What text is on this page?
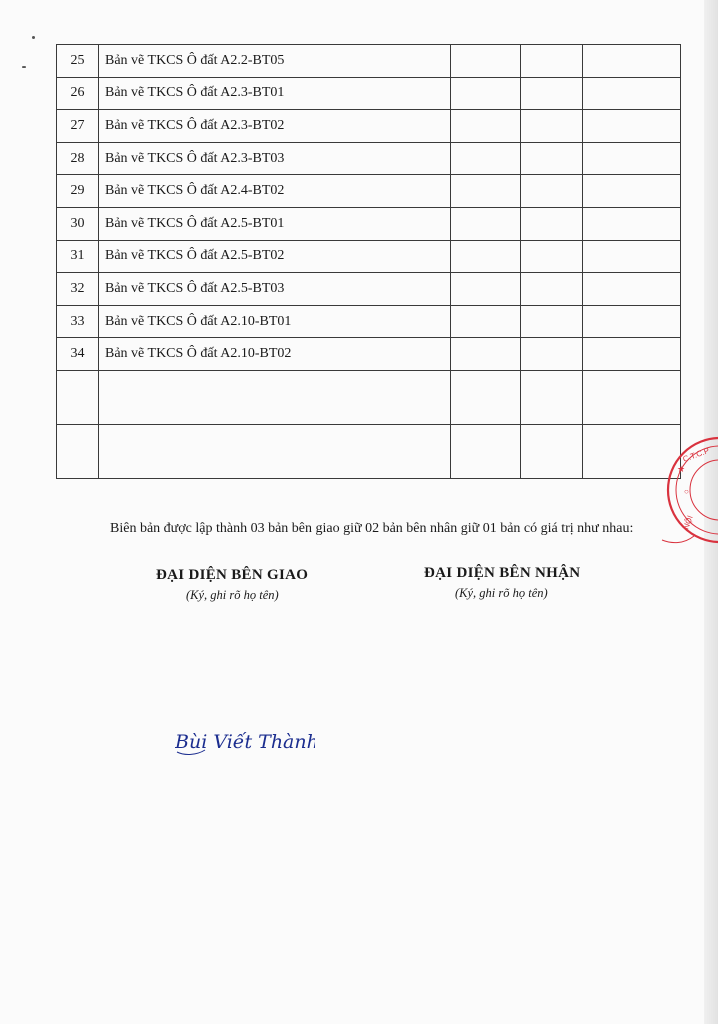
25	Bản vẽ TKCS Ô đất A2.2-BT05			
26	Bản vẽ TKCS Ô đất A2.3-BT01			
27	Bản vẽ TKCS Ô đất A2.3-BT02			
28	Bản vẽ TKCS Ô đất A2.3-BT03			
29	Bản vẽ TKCS Ô đất A2.4-BT02			
30	Bản vẽ TKCS Ô đất A2.5-BT01			
31	Bản vẽ TKCS Ô đất A2.5-BT02			
32	Bản vẽ TKCS Ô đất A2.5-BT03			
33	Bản vẽ TKCS Ô đất A2.10-BT01			
34	Bản vẽ TKCS Ô đất A2.10-BT02			

Biên bản được lập thành 03 bản bên giao giữ 02 bản bên nhân giữ 01 bản có giá trị như nhau:
ĐẠI DIỆN BÊN GIAO
(Ký, ghi rõ họ tên)
ĐẠI DIỆN BÊN NHẬN
(Ký, ghi rõ họ tên)
Bùi Viết Thành
C.T.C.P
★
○
NỘI
